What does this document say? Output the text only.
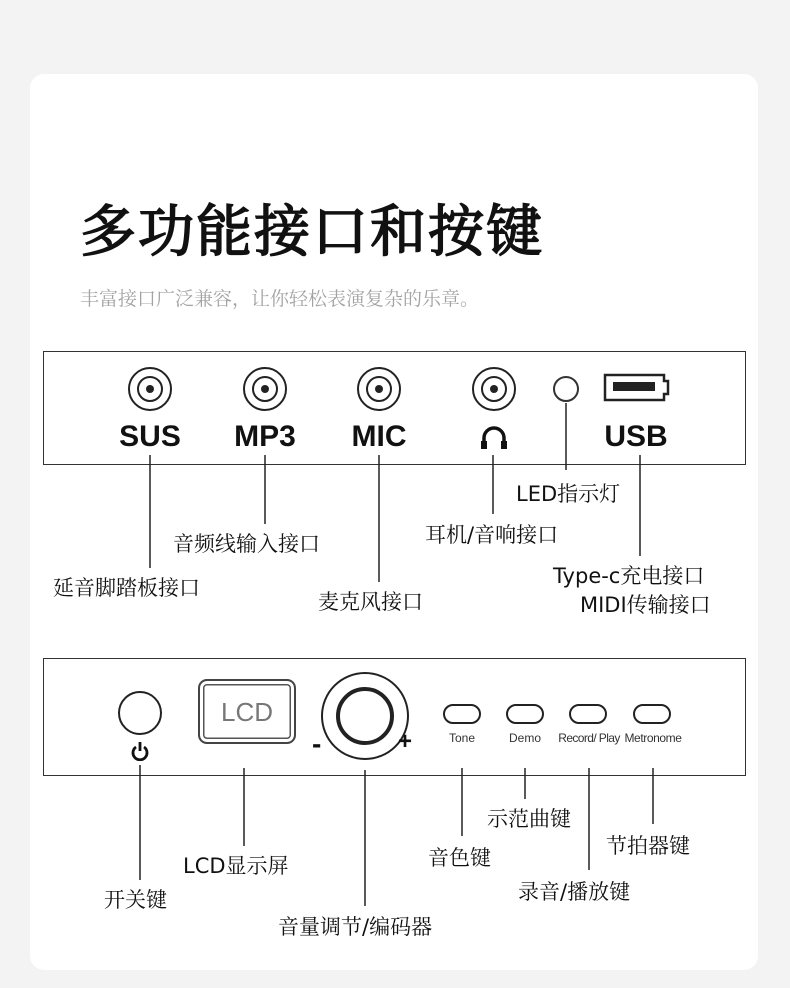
多功能接口和按键
丰富接口广泛兼容，让你轻松表演复杂的乐章。
SUS MP3 MIC	USB
LCD
-	+	Tone	Demo Record/ Play Metronome
LED指示灯
音频线输入接口	耳机/音响接口
延音脚踏板接口	Type-c充电接口
MIDI传输接口
麦克风接口
示范曲键
节拍器键
LCD显示屏	音色键
开关键	录音/播放键
音量调节/编码器
